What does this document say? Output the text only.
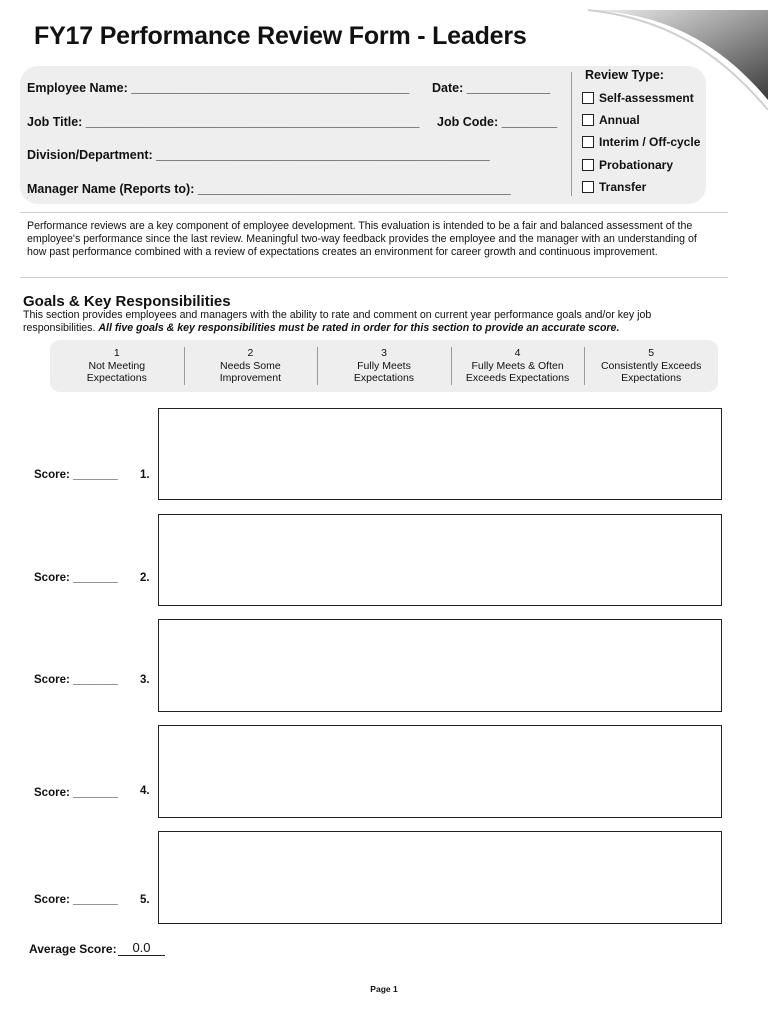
FY17 Performance Review Form - Leaders
Employee Name: ________________________________________ Date: ____________
Job Title: ________________________________________________ Job Code: ________
Division/Department: ________________________________________________
Manager Name (Reports to): _____________________________________________
Review Type:
Self-assessment
Annual
Interim / Off-cycle
Probationary
Transfer
Performance reviews are a key component of employee development. This evaluation is intended to be a fair and balanced assessment of the employee's performance since the last review. Meaningful two-way feedback provides the employee and the manager with an understanding of how past performance combined with a review of expectations creates an environment for career growth and continuous improvement.
Goals & Key Responsibilities
This section provides employees and managers with the ability to rate and comment on current year performance goals and/or key job responsibilities. All five goals & key responsibilities must be rated in order for this section to provide an accurate score.
1
Not Meeting
Expectations
2
Needs Some
Improvement
3
Fully Meets
Expectations
4
Fully Meets & Often
Exceeds Expectations
5
Consistently Exceeds
Expectations
Score: _______ 1.
Score: _______ 2.
Score: _______ 3.
Score: _______ 4.
Score: _______ 5.
Average Score:	0.0
Page 1
